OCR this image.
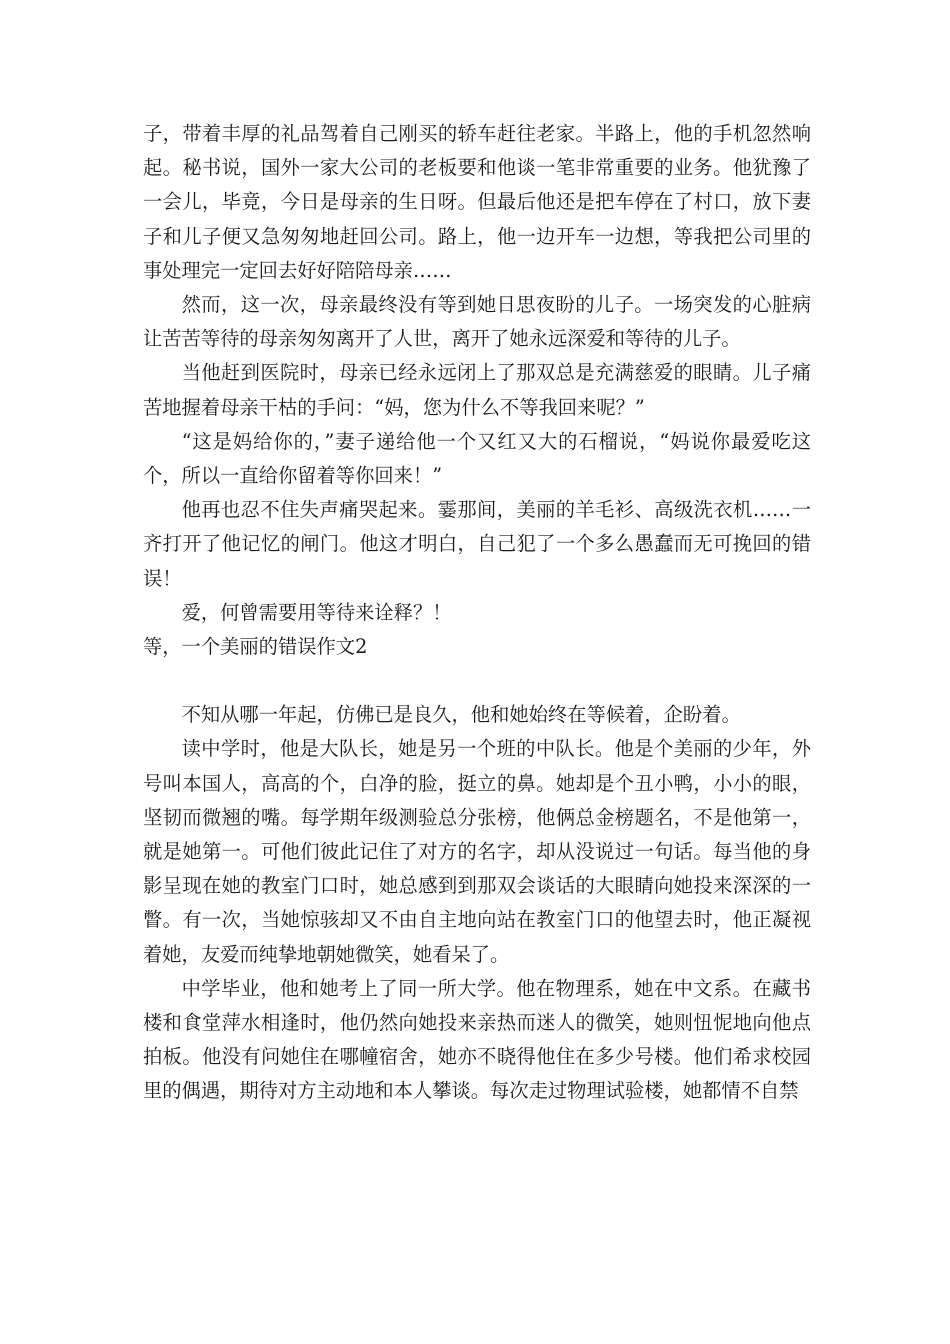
子，带着丰厚的礼品驾着自己刚买的轿车赶往老家。半路上，他的手机忽然响起。秘书说，国外一家大公司的老板要和他谈一笔非常重要的业务。他犹豫了一会儿，毕竟，今日是母亲的生日呀。但最后他还是把车停在了村口，放下妻子和儿子便又急匆匆地赶回公司。路上，他一边开车一边想，等我把公司里的事处理完一定回去好好陪陪母亲……

然而，这一次，母亲最终没有等到她日思夜盼的儿子。一场突发的心脏病让苦苦等待的母亲匆匆离开了人世，离开了她永远深爱和等待的儿子。

当他赶到医院时，母亲已经永远闭上了那双总是充满慈爱的眼睛。儿子痛苦地握着母亲干枯的手问：“妈，您为什么不等我回来呢？”

“这是妈给你的，”妻子递给他一个又红又大的石榴说，“妈说你最爱吃这个，所以一直给你留着等你回来！”

他再也忍不住失声痛哭起来。霎那间，美丽的羊毛衫、高级洗衣机……一齐打开了他记忆的闸门。他这才明白，自己犯了一个多么愚蠢而无可挽回的错误！

爱，何曾需要用等待来诠释？！

等，一个美丽的错误作文2

不知从哪一年起，仿佛已是良久，他和她始终在等候着，企盼着。

读中学时，他是大队长，她是另一个班的中队长。他是个美丽的少年，外号叫本国人，高高的个，白净的脸，挺立的鼻。她却是个丑小鸭，小小的眼，坚韧而微翘的嘴。每学期年级测验总分张榜，他俩总金榜题名，不是他第一，就是她第一。可他们彼此记住了对方的名字，却从没说过一句话。每当他的身影呈现在她的教室门口时，她总感到到那双会谈话的大眼睛向她投来深深的一瞥。有一次，当她惊骇却又不由自主地向站在教室门口的他望去时，他正凝视着她，友爱而纯挚地朝她微笑，她看呆了。

中学毕业，他和她考上了同一所大学。他在物理系，她在中文系。在藏书楼和食堂萍水相逢时，他仍然向她投来亲热而迷人的微笑，她则忸怩地向他点拍板。他没有问她住在哪幢宿舍，她亦不晓得他住在多少号楼。他们希求校园里的偶遇，期待对方主动地和本人攀谈。每次走过物理试验楼，她都情不自禁
